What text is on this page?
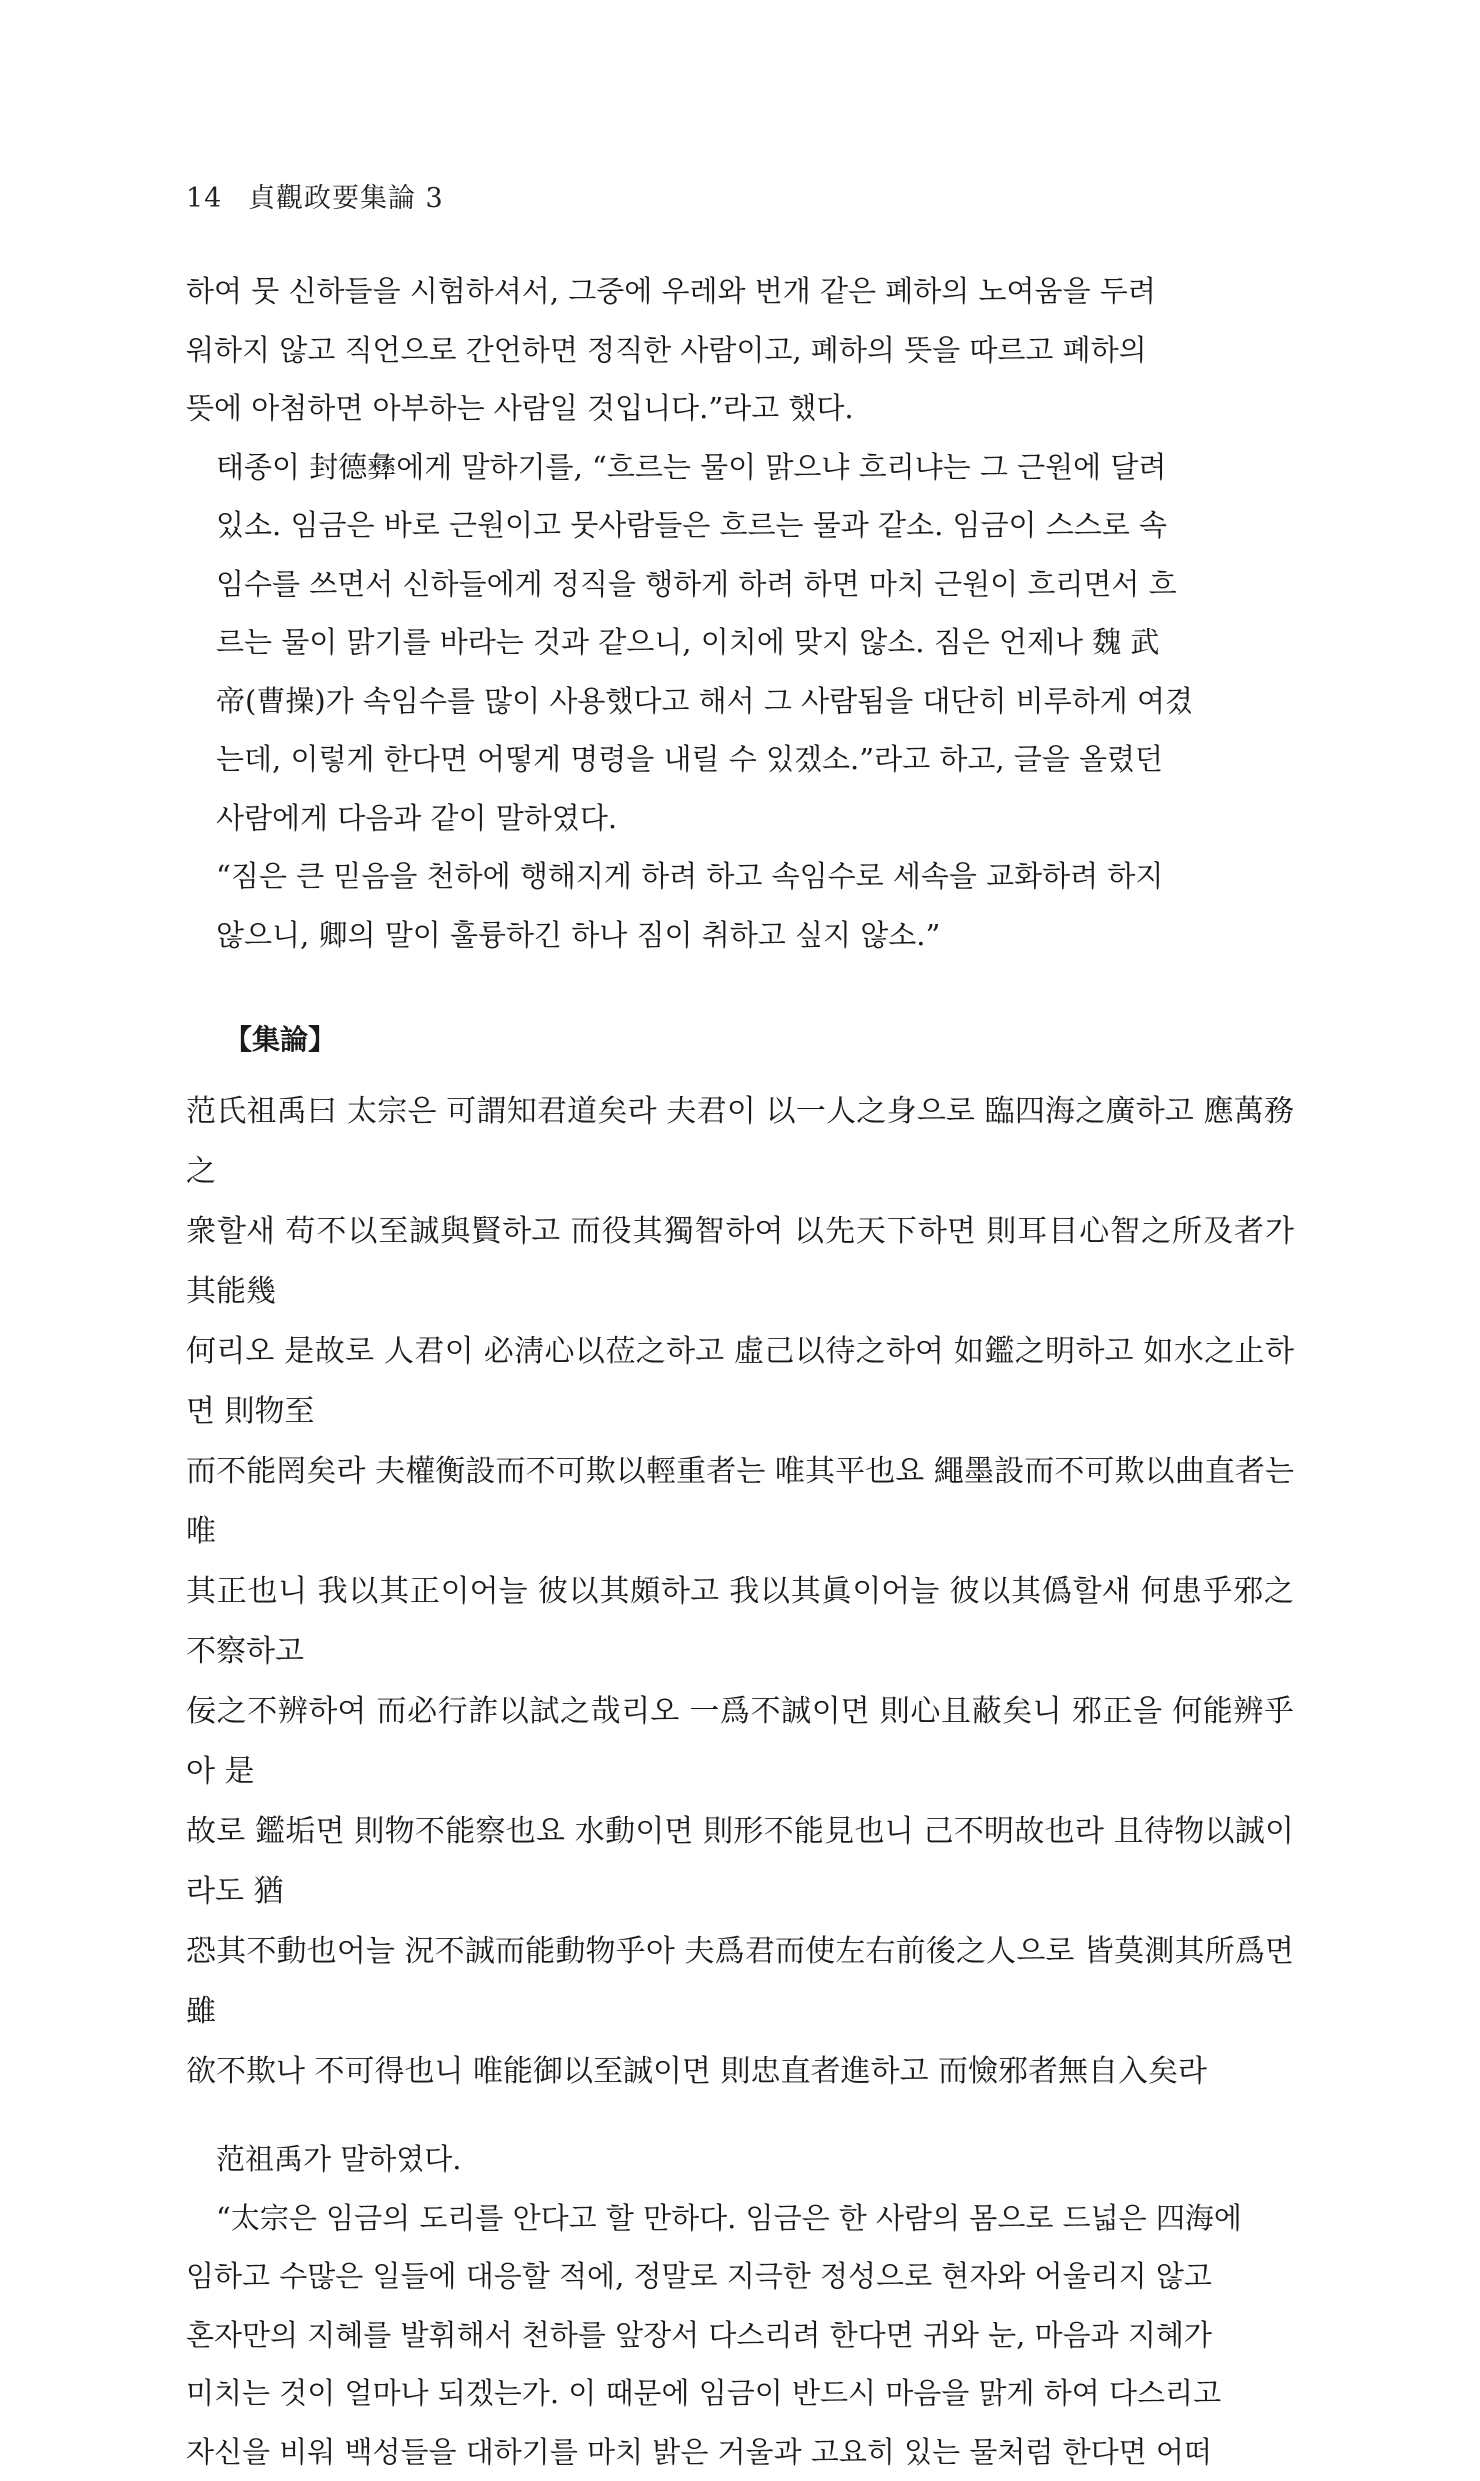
14 貞觀政要集論 3
하여 뭇 신하들을 시험하셔서, 그중에 우레와 번개 같은 폐하의 노여움을 두려
워하지 않고 직언으로 간언하면 정직한 사람이고, 폐하의 뜻을 따르고 폐하의
뜻에 아첨하면 아부하는 사람일 것입니다.”라고 했다.
태종이 封德彝에게 말하기를, “흐르는 물이 맑으냐 흐리냐는 그 근원에 달려
있소. 임금은 바로 근원이고 뭇사람들은 흐르는 물과 같소. 임금이 스스로 속
임수를 쓰면서 신하들에게 정직을 행하게 하려 하면 마치 근원이 흐리면서 흐
르는 물이 맑기를 바라는 것과 같으니, 이치에 맞지 않소. 짐은 언제나 魏 武
帝(曹操)가 속임수를 많이 사용했다고 해서 그 사람됨을 대단히 비루하게 여겼
는데, 이렇게 한다면 어떻게 명령을 내릴 수 있겠소.”라고 하고, 글을 올렸던
사람에게 다음과 같이 말하였다.
“짐은 큰 믿음을 천하에 행해지게 하려 하고 속임수로 세속을 교화하려 하지
않으니, 卿의 말이 훌륭하긴 하나 짐이 취하고 싶지 않소.”
【集論】
范氏祖禹曰 太宗은 可謂知君道矣라 夫君이 以一人之身으로 臨四海之廣하고 應萬務之
衆할새 苟不以至誠與賢하고 而役其獨智하여 以先天下하면 則耳目心智之所及者가 其能幾
何리오 是故로 人君이 必淸心以莅之하고 虛己以待之하여 如鑑之明하고 如水之止하면 則物至
而不能罔矣라 夫權衡設而不可欺以輕重者는 唯其平也요 繩墨設而不可欺以曲直者는 唯
其正也니 我以其正이어늘 彼以其頗하고 我以其眞이어늘 彼以其僞할새 何患乎邪之不察하고
佞之不辨하여 而必行詐以試之哉리오 一爲不誠이면 則心且蔽矣니 邪正을 何能辨乎아 是
故로 鑑垢면 則物不能察也요 水動이면 則形不能見也니 己不明故也라 且待物以誠이라도 猶
恐其不動也어늘 況不誠而能動物乎아 夫爲君而使左右前後之人으로 皆莫測其所爲면 雖
欲不欺나 不可得也니 唯能御以至誠이면 則忠直者進하고 而憸邪者無自入矣라
范祖禹가 말하였다.
“太宗은 임금의 도리를 안다고 할 만하다. 임금은 한 사람의 몸으로 드넓은 四海에
임하고 수많은 일들에 대응할 적에, 정말로 지극한 정성으로 현자와 어울리지 않고
혼자만의 지혜를 발휘해서 천하를 앞장서 다스리려 한다면 귀와 눈, 마음과 지혜가
미치는 것이 얼마나 되겠는가. 이 때문에 임금이 반드시 마음을 맑게 하여 다스리고
자신을 비워 백성들을 대하기를 마치 밝은 거울과 고요히 있는 물처럼 한다면 어떠
